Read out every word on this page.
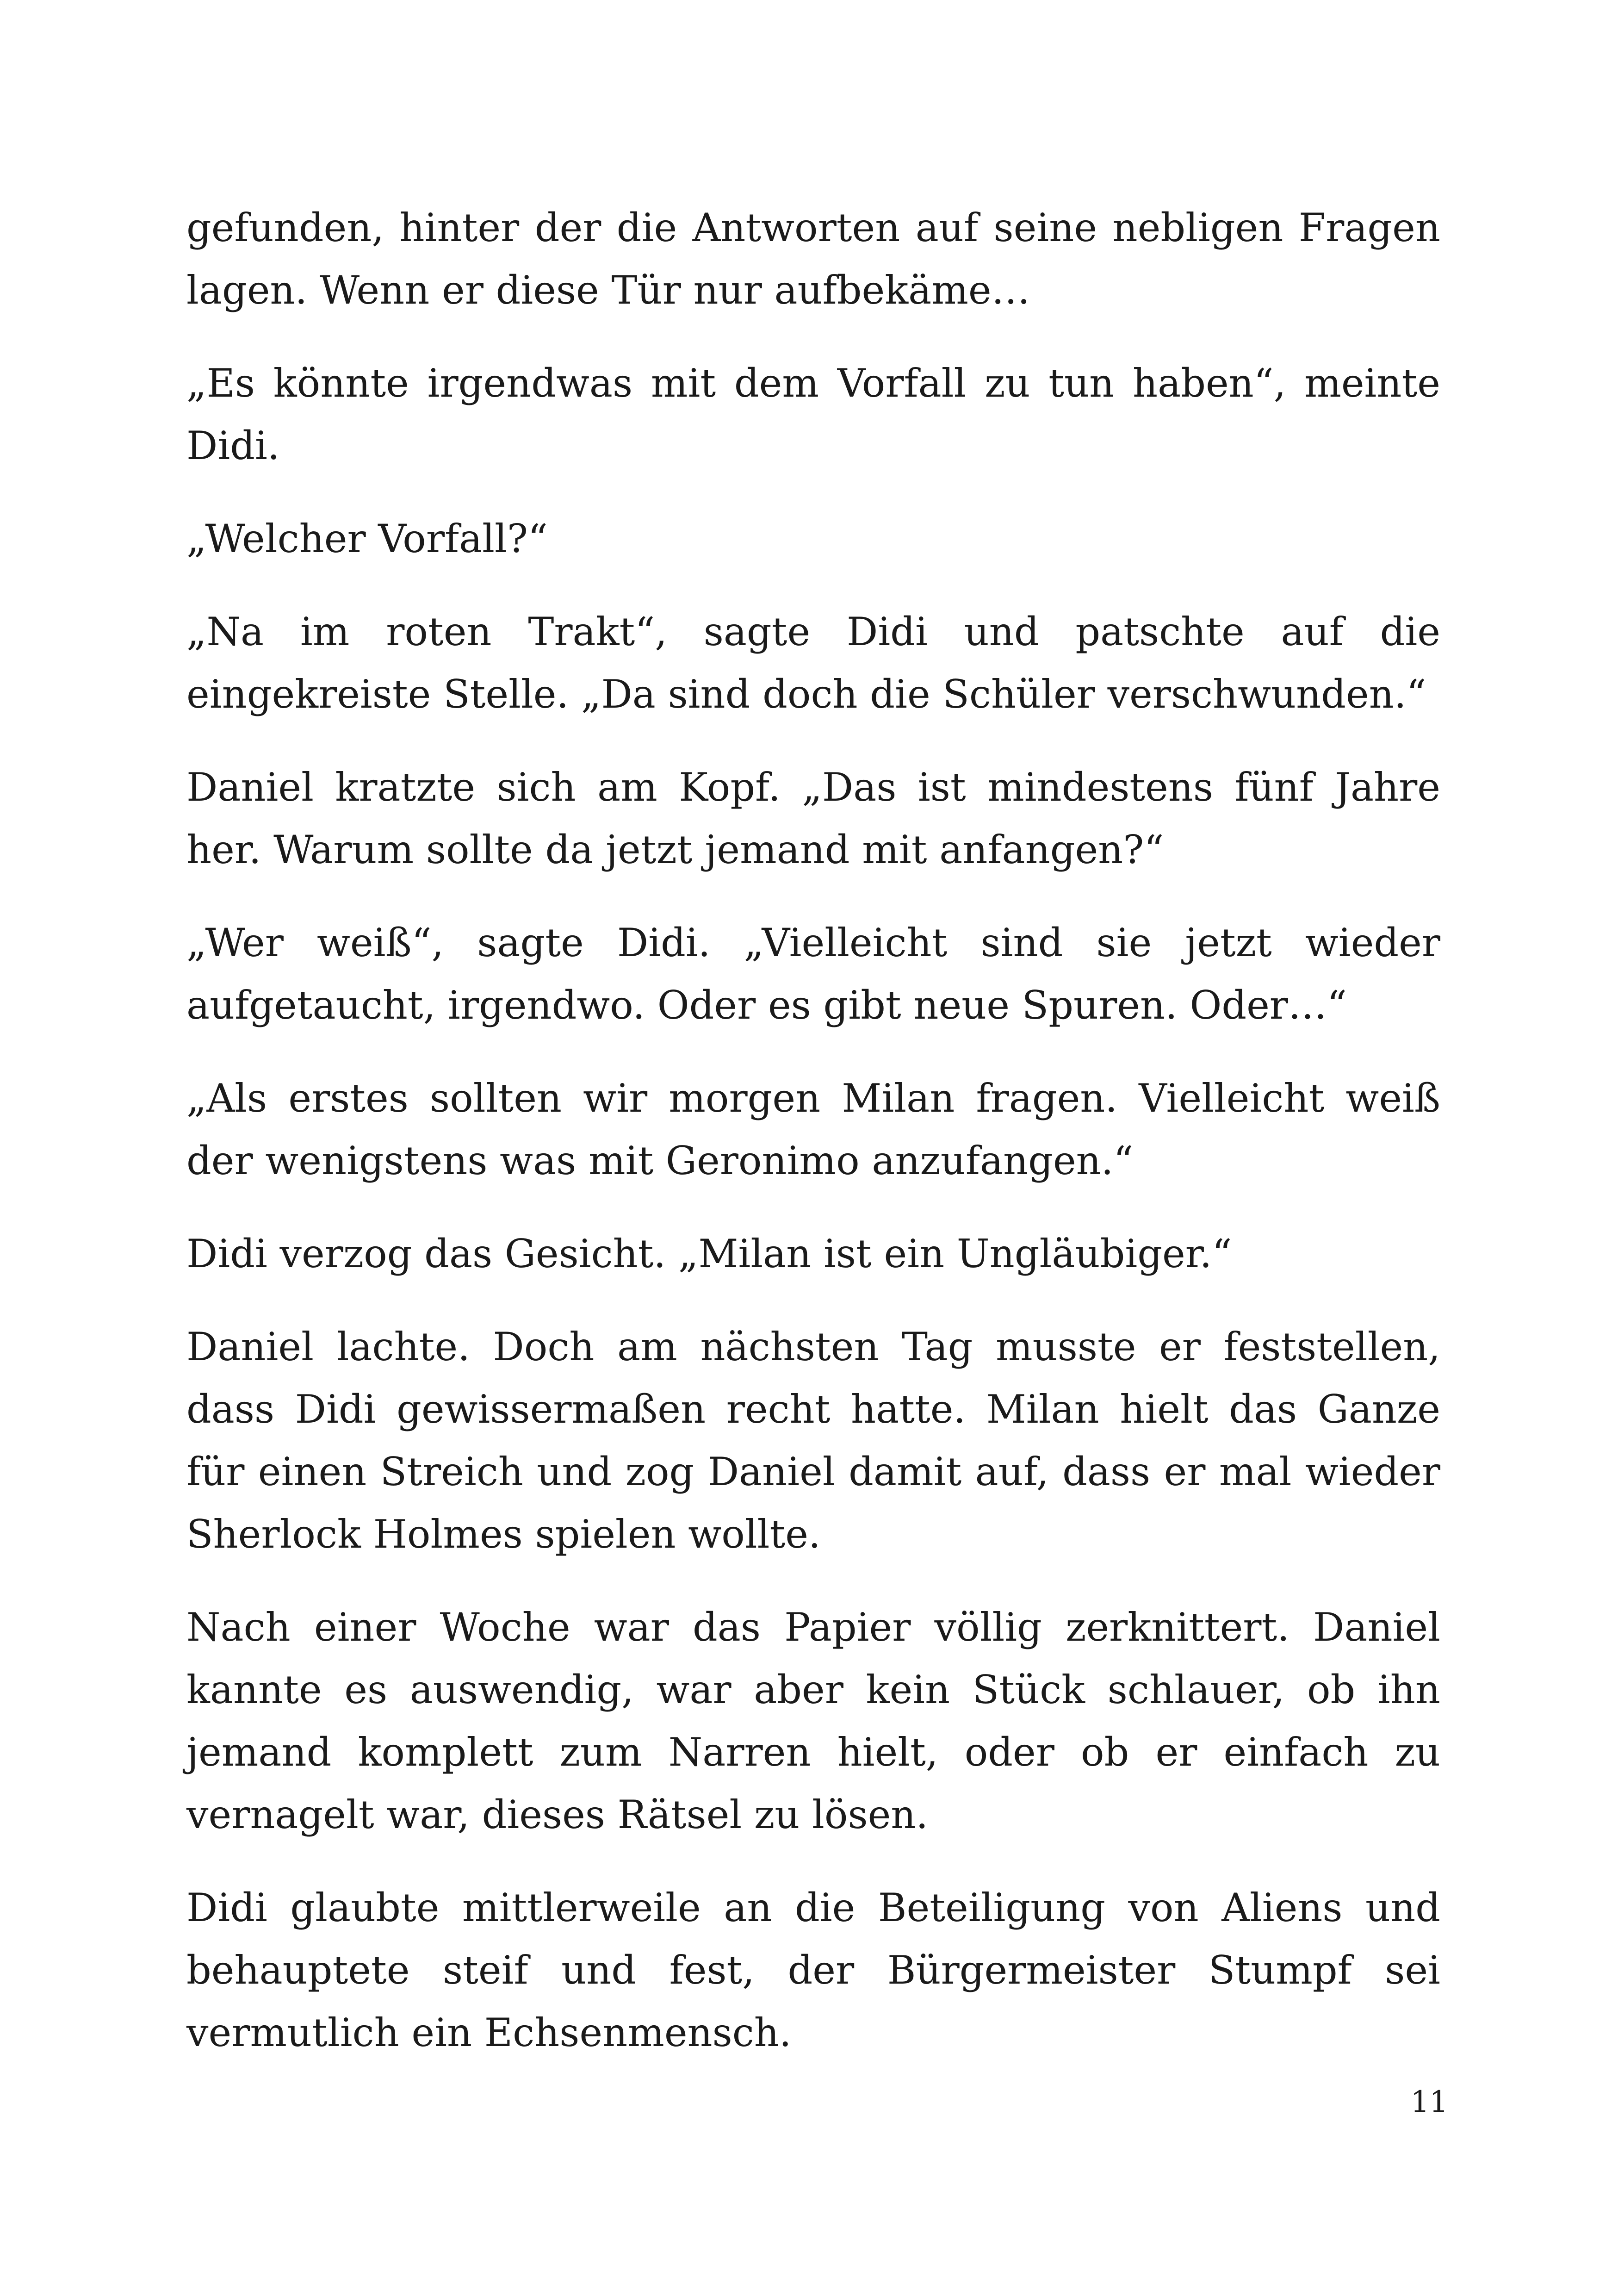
gefunden, hinter der die Antworten auf seine nebligen Fragen lagen. Wenn er diese Tür nur aufbekäme…

„Es könnte irgendwas mit dem Vorfall zu tun haben“, meinte Didi.

„Welcher Vorfall?“

„Na im roten Trakt“, sagte Didi und patschte auf die eingekreiste Stelle. „Da sind doch die Schüler verschwunden.“

Daniel kratzte sich am Kopf. „Das ist mindestens fünf Jahre her. Warum sollte da jetzt jemand mit anfangen?“

„Wer weiß“, sagte Didi. „Vielleicht sind sie jetzt wieder aufgetaucht, irgendwo. Oder es gibt neue Spuren. Oder…“

„Als erstes sollten wir morgen Milan fragen. Vielleicht weiß der wenigstens was mit Geronimo anzufangen.“

Didi verzog das Gesicht. „Milan ist ein Ungläubiger.“

Daniel lachte. Doch am nächsten Tag musste er feststellen, dass Didi gewissermaßen recht hatte. Milan hielt das Ganze für einen Streich und zog Daniel damit auf, dass er mal wieder Sherlock Holmes spielen wollte.

Nach einer Woche war das Papier völlig zerknittert. Daniel kannte es auswendig, war aber kein Stück schlauer, ob ihn jemand komplett zum Narren hielt, oder ob er einfach zu vernagelt war, dieses Rätsel zu lösen.

Didi glaubte mittlerweile an die Beteiligung von Aliens und behauptete steif und fest, der Bürgermeister Stumpf sei vermutlich ein Echsenmensch.

11
